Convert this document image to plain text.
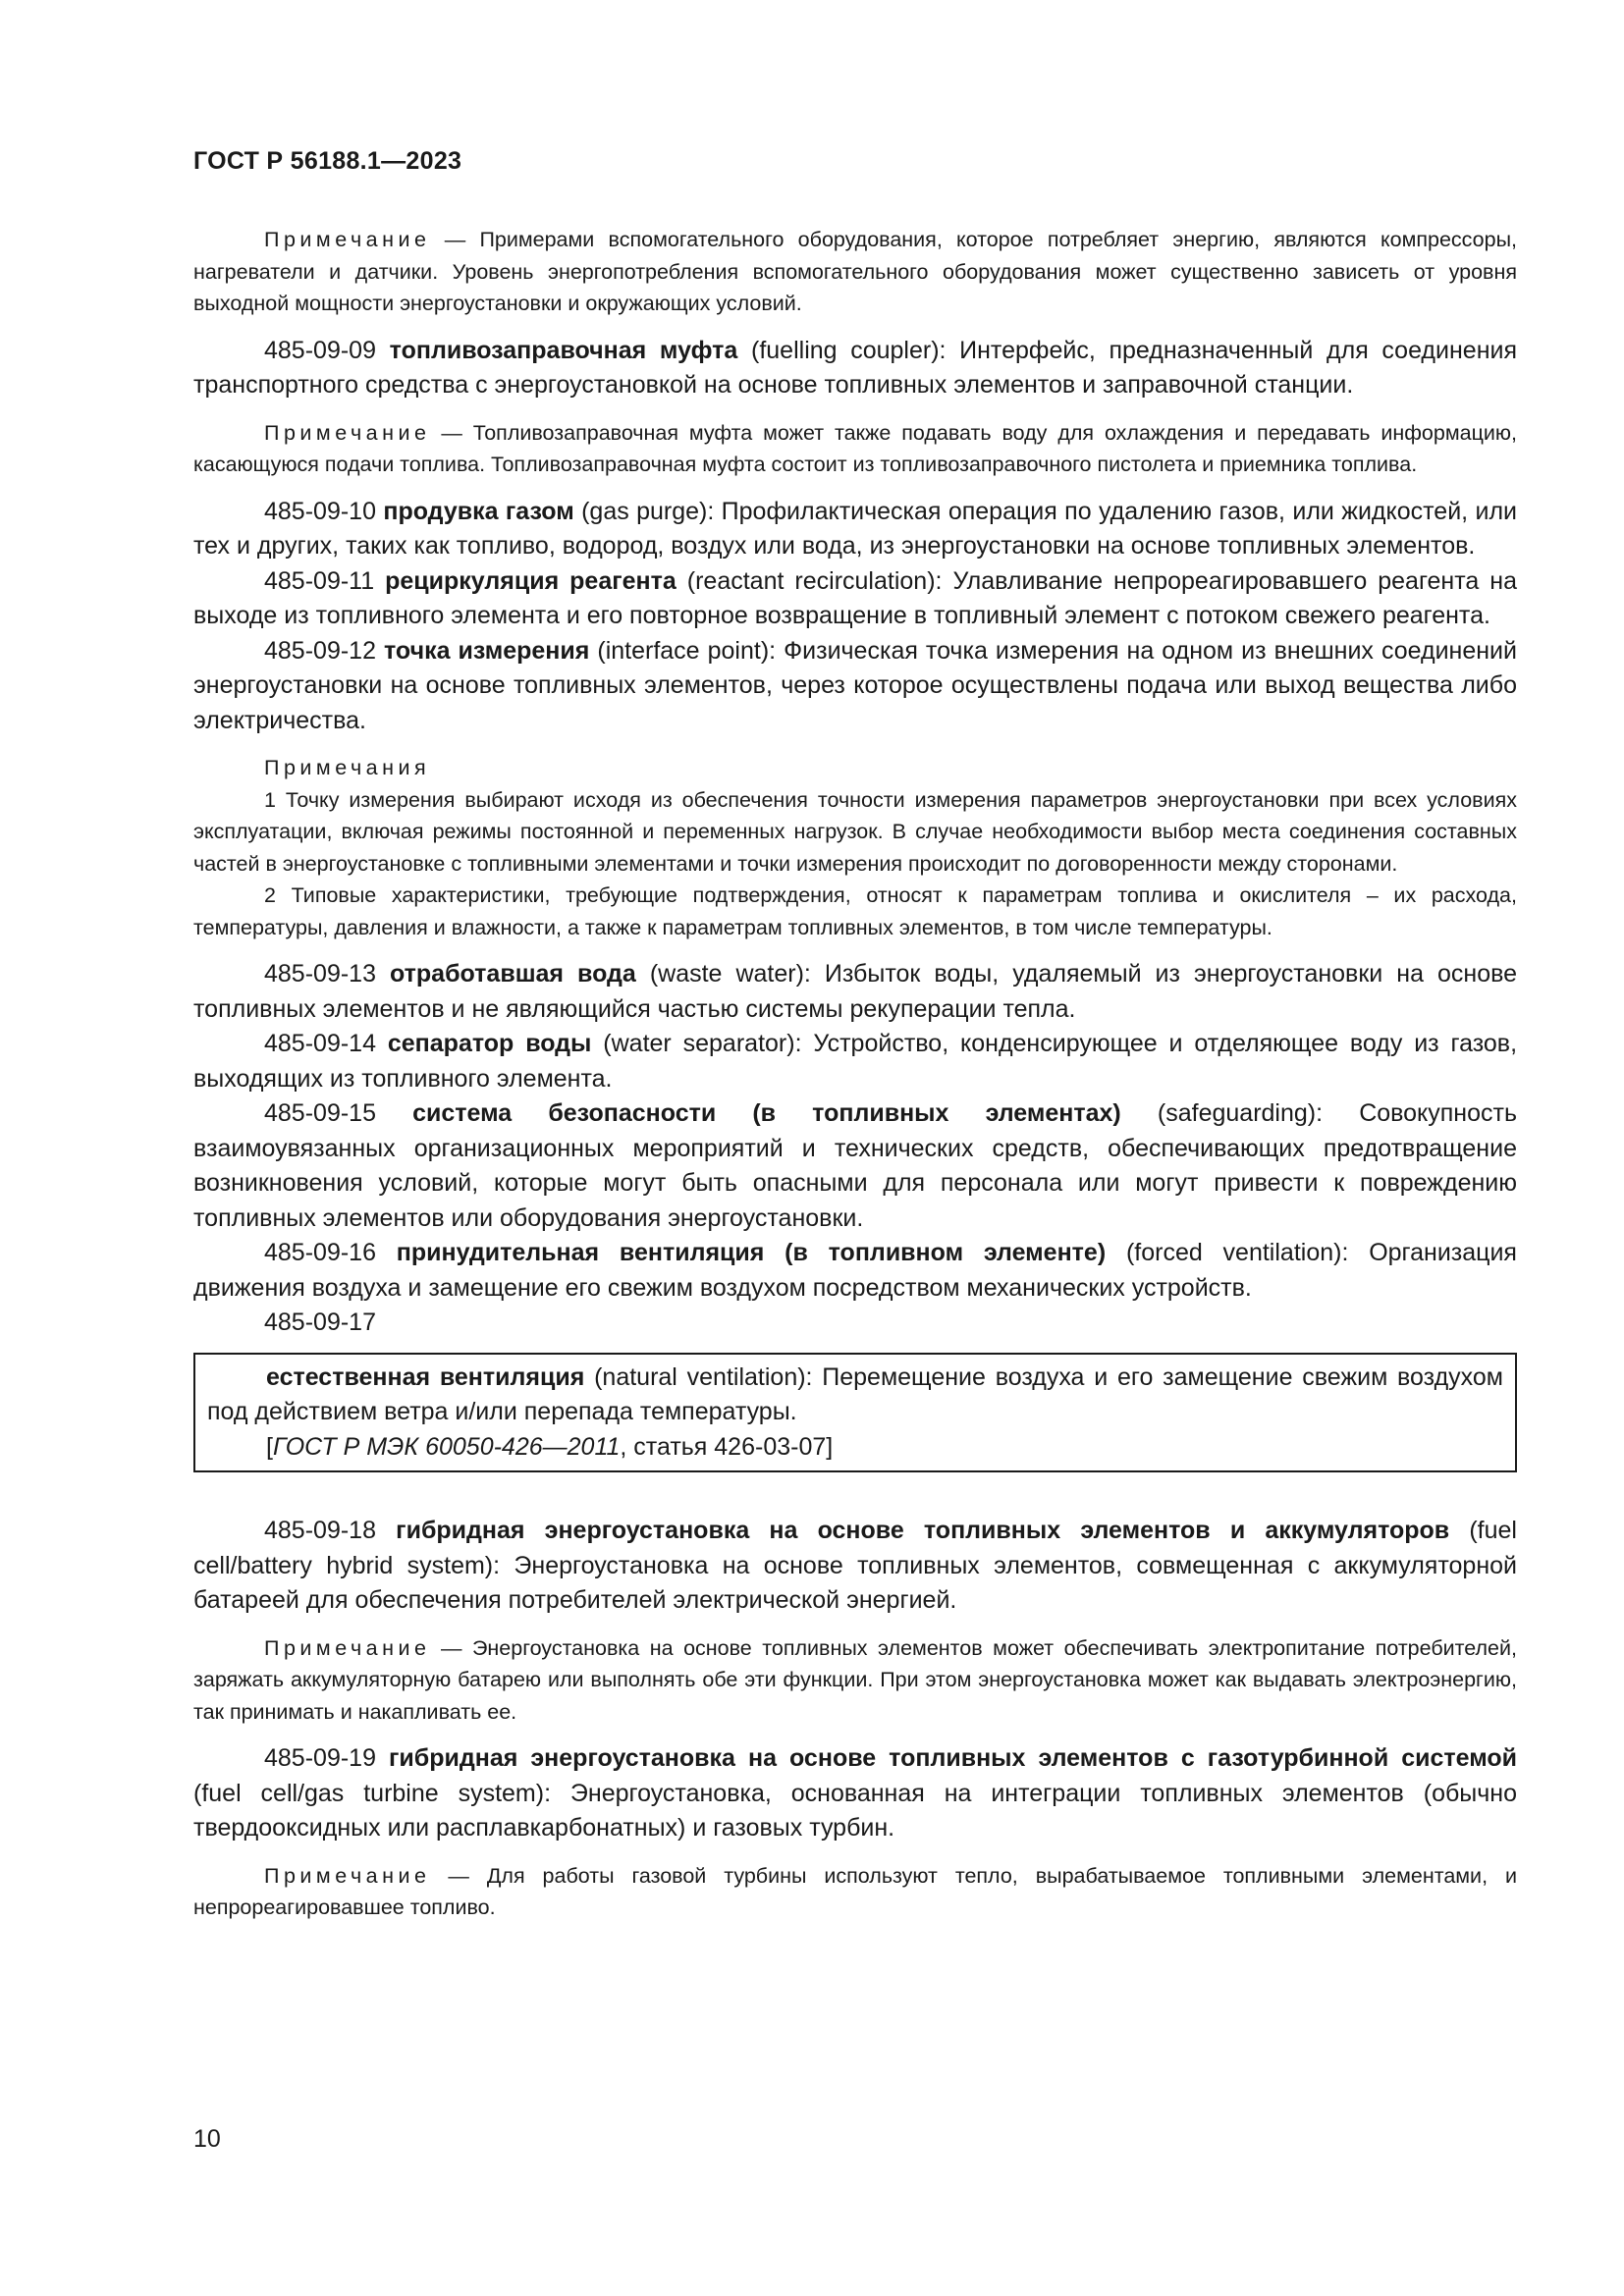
ГОСТ Р 56188.1—2023

Примечание — Примерами вспомогательного оборудования, которое потребляет энергию, являются компрессоры, нагреватели и датчики. Уровень энергопотребления вспомогательного оборудования может существенно зависеть от уровня выходной мощности энергоустановки и окружающих условий.

485-09-09 топливозаправочная муфта (fuelling coupler): Интерфейс, предназначенный для соединения транспортного средства с энергоустановкой на основе топливных элементов и заправочной станции.

Примечание — Топливозаправочная муфта может также подавать воду для охлаждения и передавать информацию, касающуюся подачи топлива. Топливозаправочная муфта состоит из топливозаправочного пистолета и приемника топлива.

485-09-10 продувка газом (gas purge): Профилактическая операция по удалению газов, или жидкостей, или тех и других, таких как топливо, водород, воздух или вода, из энергоустановки на основе топливных элементов.

485-09-11 рециркуляция реагента (reactant recirculation): Улавливание непрореагировавшего реагента на выходе из топливного элемента и его повторное возвращение в топливный элемент с потоком свежего реагента.

485-09-12 точка измерения (interface point): Физическая точка измерения на одном из внешних соединений энергоустановки на основе топливных элементов, через которое осуществлены подача или выход вещества либо электричества.

Примечания

1 Точку измерения выбирают исходя из обеспечения точности измерения параметров энергоустановки при всех условиях эксплуатации, включая режимы постоянной и переменных нагрузок. В случае необходимости выбор места соединения составных частей в энергоустановке с топливными элементами и точки измерения происходит по договоренности между сторонами.

2 Типовые характеристики, требующие подтверждения, относят к параметрам топлива и окислителя – их расхода, температуры, давления и влажности, а также к параметрам топливных элементов, в том числе температуры.

485-09-13 отработавшая вода (waste water): Избыток воды, удаляемый из энергоустановки на основе топливных элементов и не являющийся частью системы рекуперации тепла.

485-09-14 сепаратор воды (water separator): Устройство, конденсирующее и отделяющее воду из газов, выходящих из топливного элемента.

485-09-15 система безопасности (в топливных элементах) (safeguarding): Совокупность взаимоувязанных организационных мероприятий и технических средств, обеспечивающих предотвращение возникновения условий, которые могут быть опасными для персонала или могут привести к повреждению топливных элементов или оборудования энергоустановки.

485-09-16 принудительная вентиляция (в топливном элементе) (forced ventilation): Организация движения воздуха и замещение его свежим воздухом посредством механических устройств.

485-09-17

естественная вентиляция (natural ventilation): Перемещение воздуха и его замещение свежим воздухом под действием ветра и/или перепада температуры.

[ГОСТ Р МЭК 60050-426—2011, статья 426-03-07]

485-09-18 гибридная энергоустановка на основе топливных элементов и аккумуляторов (fuel cell/battery hybrid system): Энергоустановка на основе топливных элементов, совмещенная с аккумуляторной батареей для обеспечения потребителей электрической энергией.

Примечание — Энергоустановка на основе топливных элементов может обеспечивать электропитание потребителей, заряжать аккумуляторную батарею или выполнять обе эти функции. При этом энергоустановка может как выдавать электроэнергию, так принимать и накапливать ее.

485-09-19 гибридная энергоустановка на основе топливных элементов с газотурбинной системой (fuel cell/gas turbine system): Энергоустановка, основанная на интеграции топливных элементов (обычно твердооксидных или расплавкарбонатных) и газовых турбин.

Примечание — Для работы газовой турбины используют тепло, вырабатываемое топливными элементами, и непрореагировавшее топливо.

10
